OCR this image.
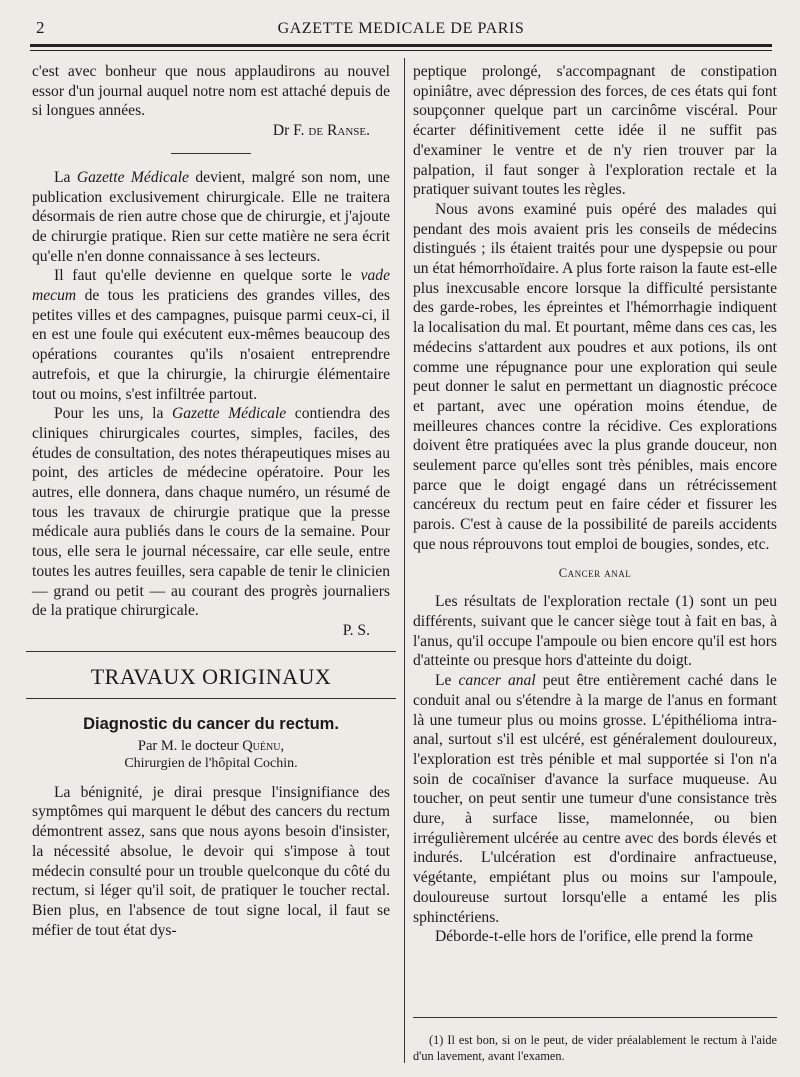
2	GAZETTE MEDICALE DE PARIS

c'est avec bonheur que nous applaudirons au nouvel essor d'un journal auquel notre nom est attaché depuis de si longues années.

Dr F. de Ranse.

La Gazette Médicale devient, malgré son nom, une publication exclusivement chirurgicale. Elle ne traitera désormais de rien autre chose que de chirurgie, et j'ajoute de chirurgie pratique. Rien sur cette matière ne sera écrit qu'elle n'en donne connaissance à ses lecteurs.

Il faut qu'elle devienne en quelque sorte le vade mecum de tous les praticiens des grandes villes, des petites villes et des campagnes, puisque parmi ceux-ci, il en est une foule qui exécutent eux-mêmes beaucoup des opérations courantes qu'ils n'osaient entreprendre autrefois, et que la chirurgie, la chirurgie élémentaire tout ou moins, s'est infiltrée partout.

Pour les uns, la Gazette Médicale contiendra des cliniques chirurgicales courtes, simples, faciles, des études de consultation, des notes thérapeutiques mises au point, des articles de médecine opératoire. Pour les autres, elle donnera, dans chaque numéro, un résumé de tous les travaux de chirurgie pratique que la presse médicale aura publiés dans le cours de la semaine. Pour tous, elle sera le journal nécessaire, car elle seule, entre toutes les autres feuilles, sera capable de tenir le clinicien — grand ou petit — au courant des progrès journaliers de la pratique chirurgicale.

P. S.

TRAVAUX ORIGINAUX
Diagnostic du cancer du rectum.
Par M. le docteur Quénu,
Chirurgien de l'hôpital Cochin.

La bénignité, je dirai presque l'insignifiance des symptômes qui marquent le début des cancers du rectum démontrent assez, sans que nous ayons besoin d'insister, la nécessité absolue, le devoir qui s'impose à tout médecin consulté pour un trouble quelconque du côté du rectum, si léger qu'il soit, de pratiquer le toucher rectal. Bien plus, en l'absence de tout signe local, il faut se méfier de tout état dys-

peptique prolongé, s'accompagnant de constipation opiniâtre, avec dépression des forces, de ces états qui font soupçonner quelque part un carcinôme viscéral. Pour écarter définitivement cette idée il ne suffit pas d'examiner le ventre et de n'y rien trouver par la palpation, il faut songer à l'exploration rectale et la pratiquer suivant toutes les règles.

Nous avons examiné puis opéré des malades qui pendant des mois avaient pris les conseils de médecins distingués ; ils étaient traités pour une dyspepsie ou pour un état hémorrhoïdaire. A plus forte raison la faute est-elle plus inexcusable encore lorsque la difficulté persistante des garde-robes, les épreintes et l'hémorrhagie indiquent la localisation du mal. Et pourtant, même dans ces cas, les médecins s'attardent aux poudres et aux potions, ils ont comme une répugnance pour une exploration qui seule peut donner le salut en permettant un diagnostic précoce et partant, avec une opération moins étendue, de meilleures chances contre la récidive. Ces explorations doivent être pratiquées avec la plus grande douceur, non seulement parce qu'elles sont très pénibles, mais encore parce que le doigt engagé dans un rétrécissement cancéreux du rectum peut en faire céder et fissurer les parois. C'est à cause de la possibilité de pareils accidents que nous réprouvons tout emploi de bougies, sondes, etc.

Cancer anal

Les résultats de l'exploration rectale (1) sont un peu différents, suivant que le cancer siège tout à fait en bas, à l'anus, qu'il occupe l'ampoule ou bien encore qu'il est hors d'atteinte ou presque hors d'atteinte du doigt.

Le cancer anal peut être entièrement caché dans le conduit anal ou s'étendre à la marge de l'anus en formant là une tumeur plus ou moins grosse. L'épithélioma intra-anal, surtout s'il est ulcéré, est généralement douloureux, l'exploration est très pénible et mal supportée si l'on n'a soin de cocaïniser d'avance la surface muqueuse. Au toucher, on peut sentir une tumeur d'une consistance très dure, à surface lisse, mamelonnée, ou bien irrégulièrement ulcérée au centre avec des bords élevés et indurés. L'ulcération est d'ordinaire anfractueuse, végétante, empiétant plus ou moins sur l'ampoule, douloureuse surtout lorsqu'elle a entamé les plis sphinctériens.

Déborde-t-elle hors de l'orifice, elle prend la forme

(1) Il est bon, si on le peut, de vider préalablement le rectum à l'aide d'un lavement, avant l'examen.
